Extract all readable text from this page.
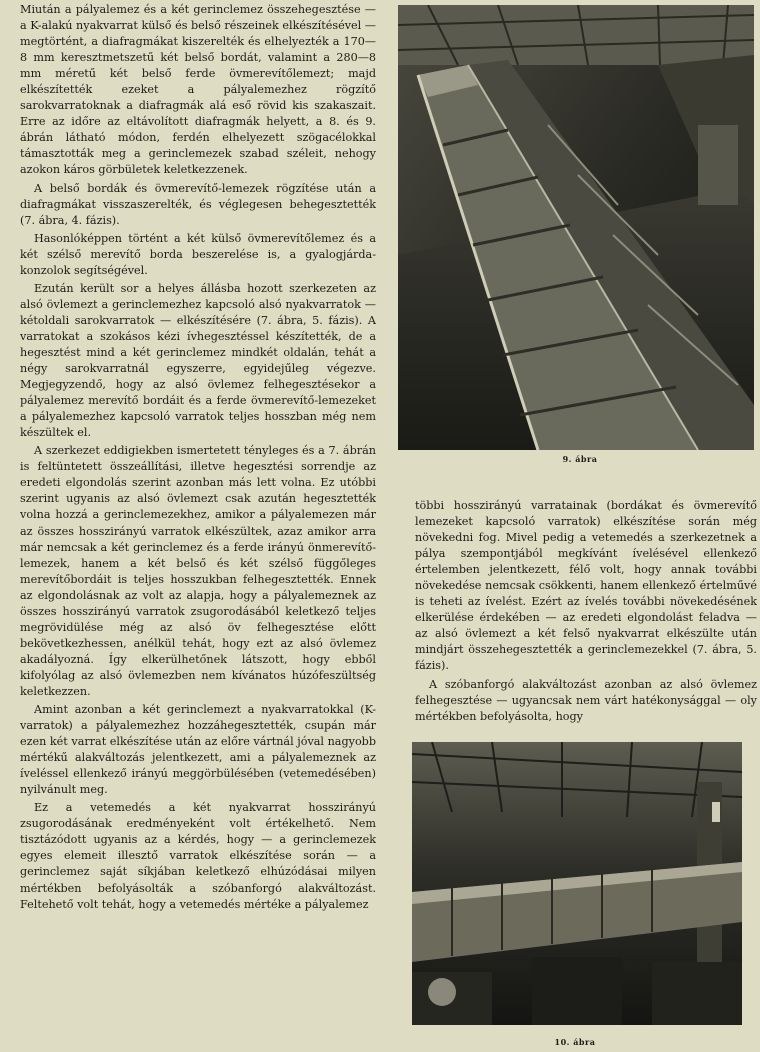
Miután a pályalemez és a két gerinclemez összehegesztése — a K-alakú nyakvarrat külső és belső részeinek elkészítésével — megtörtént, a diafragmákat kiszerelték és elhelyezték a 170—8 mm keresztmetszetű két belső bordát, valamint a 280—8 mm méretű két belső ferde övmerevítőlemezt; majd elkészítették ezeket a pályalemezhez rögzítő sarokvarratoknak a diafragmák alá eső rövid kis szakaszait. Erre az időre az eltávolított diafragmák helyett, a 8. és 9. ábrán látható módon, ferdén elhelyezett szögacélokkal támasztották meg a gerinclemezek szabad széleit, nehogy azokon káros görbületek keletkezzenek.

A belső bordák és övmerevítő-lemezek rögzítése után a diafragmákat visszaszerelték, és véglegesen behegesztették (7. ábra, 4. fázis).

Hasonlóképpen történt a két külső övmerevítőlemez és a két szélső merevítő borda beszerelése is, a gyalogjárda-konzolok segítségével.

Ezután került sor a helyes állásba hozott szerkezeten az alsó övlemezt a gerinclemezhez kapcsoló alsó nyakvarratok — kétoldali sarokvarratok — elkészítésére (7. ábra, 5. fázis). A varratokat a szokásos kézi ívhegesztéssel készítették, de a hegesztést mind a két gerinclemez mindkét oldalán, tehát a négy sarokvarratnál egyszerre, egyidejűleg végezve. Megjegyzendő, hogy az alsó övlemez felhegesztésekor a pályalemez merevítő bordáit és a ferde övmerevítő-lemezeket a pályalemezhez kapcsoló varratok teljes hosszban még nem készültek el.

A szerkezet eddigiekben ismertetett tényleges és a 7. ábrán is feltüntetett összeállítási, illetve hegesztési sorrendje az eredeti elgondolás szerint azonban más lett volna. Ez utóbbi szerint ugyanis az alsó övlemezt csak azután hegesztették volna hozzá a gerinclemezekhez, amikor a pályalemezen már az összes hosszirányú varratok elkészültek, azaz amikor arra már nemcsak a két gerinclemez és a ferde irányú önmerevítő-lemezek, hanem a két belső és két szélső függőleges merevítőbordáit is teljes hosszukban felhegesztették. Ennek az elgondolásnak az volt az alapja, hogy a pályalemeznek az összes hosszirányú varratok zsugorodásából keletkező teljes megrövidülése még az alsó öv felhegesztése előtt bekövetkezhessen, anélkül tehát, hogy ezt az alsó övlemez akadályozná. Így elkerülhetőnek látszott, hogy ebből kifolyólag az alsó övlemezben nem kívánatos húzófeszültség keletkezzen.

Amint azonban a két gerinclemezt a nyakvarratokkal (K-varratok) a pályalemezhez hozzáhegesztették, csupán már ezen két varrat elkészítése után az előre vártnál jóval nagyobb mértékű alakváltozás jelentkezett, ami a pályalemeznek az íveléssel ellenkező irányú meggörbülésében (vetemedésében) nyilvánult meg.

Ez a vetemedés a két nyakvarrat hosszirányú zsugorodásának eredményeként volt értékelhető. Nem tisztázódott ugyanis az a kérdés, hogy — a gerinclemezek egyes elemeit illesztő varratok elkészítése során — a gerinclemez saját síkjában keletkező elhúzódásai milyen mértékben befolyásolták a szóbanforgó alakváltozást. Feltehető volt tehát, hogy a vetemedés mértéke a pályalemez

9. ábra

többi hosszirányú varratainak (bordákat és övmerevítő lemezeket kapcsoló varratok) elkészítése során még növekedni fog. Mivel pedig a vetemedés a szerkezetnek a pálya szempontjából megkívánt ívelésével ellenkező értelemben jelentkezett, félő volt, hogy annak további növekedése nemcsak csökkenti, hanem ellenkező értelművé is teheti az ívelést. Ezért az ívelés további növekedésének elkerülése érdekében — az eredeti elgondolást feladva — az alsó övlemezt a két felső nyakvarrat elkészülte után mindjárt összehegesztették a gerinclemezekkel (7. ábra, 5. fázis).

A szóbanforgó alakváltozást azonban az alsó övlemez felhegesztése — ugyancsak nem várt hatékonysággal — oly mértékben befolyásolta, hogy

10. ábra
